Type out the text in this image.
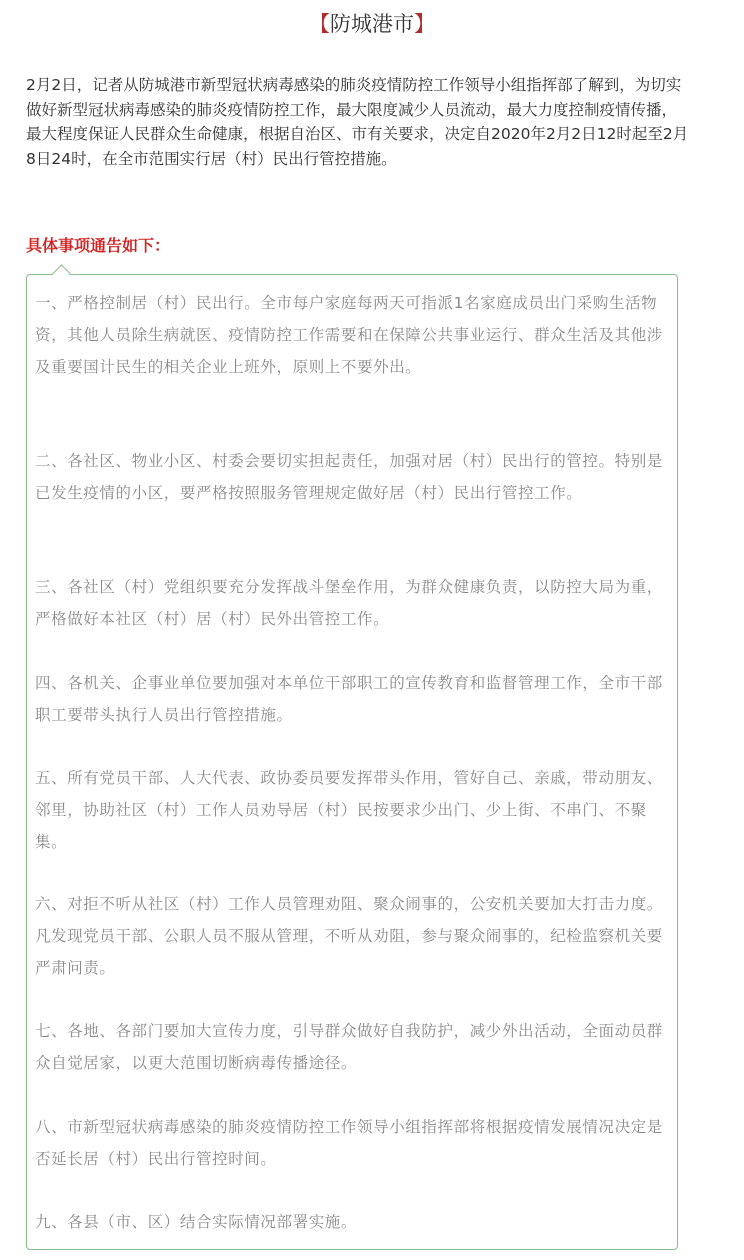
【防城港市】

2月2日，记者从防城港市新型冠状病毒感染的肺炎疫情防控工作领导小组指挥部了解到，为切实做好新型冠状病毒感染的肺炎疫情防控工作，最大限度减少人员流动，最大力度控制疫情传播，最大程度保证人民群众生命健康，根据自治区、市有关要求，决定自2020年2月2日12时起至2月8日24时，在全市范围实行居（村）民出行管控措施。

具体事项通告如下：

一、严格控制居（村）民出行。全市每户家庭每两天可指派1名家庭成员出门采购生活物资，其他人员除生病就医、疫情防控工作需要和在保障公共事业运行、群众生活及其他涉及重要国计民生的相关企业上班外，原则上不要外出。

二、各社区、物业小区、村委会要切实担起责任，加强对居（村）民出行的管控。特别是已发生疫情的小区，要严格按照服务管理规定做好居（村）民出行管控工作。

三、各社区（村）党组织要充分发挥战斗堡垒作用，为群众健康负责，以防控大局为重，严格做好本社区（村）居（村）民外出管控工作。

四、各机关、企事业单位要加强对本单位干部职工的宣传教育和监督管理工作，全市干部职工要带头执行人员出行管控措施。

五、所有党员干部、人大代表、政协委员要发挥带头作用，管好自己、亲戚，带动朋友、邻里，协助社区（村）工作人员劝导居（村）民按要求少出门、少上街、不串门、不聚集。

六、对拒不听从社区（村）工作人员管理劝阻、聚众闹事的，公安机关要加大打击力度。凡发现党员干部、公职人员不服从管理，不听从劝阻，参与聚众闹事的，纪检监察机关要严肃问责。

七、各地、各部门要加大宣传力度，引导群众做好自我防护，减少外出活动，全面动员群众自觉居家，以更大范围切断病毒传播途径。

八、市新型冠状病毒感染的肺炎疫情防控工作领导小组指挥部将根据疫情发展情况决定是否延长居（村）民出行管控时间。

九、各县（市、区）结合实际情况部署实施。
